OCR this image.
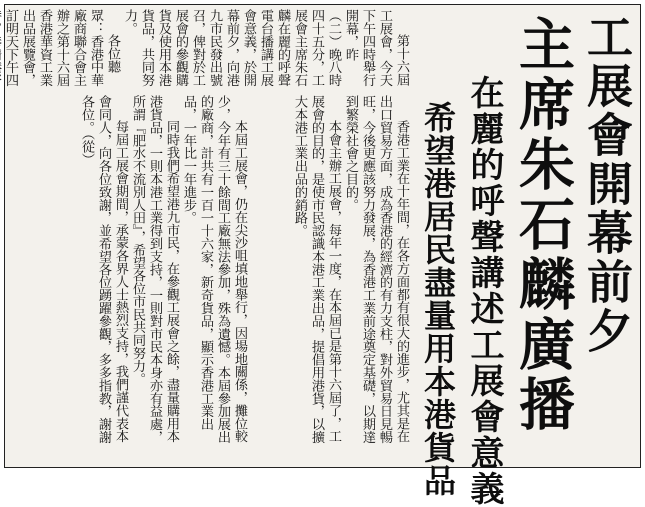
工展會開幕前夕
主席朱石麟廣播
在麗的呼聲講述工展會意義
希望港居民盡量用本港貨品

第十六屆工展會，今天下午四時舉行開幕，昨（二）晚八時四十五分，工展會主席朱石麟在麗的呼聲電台播講工展會意義，於開幕前夕，向港九市民發出號召，俾對於工展會的參觀購貨及使用本港貨品，共同努力。

各位聽眾：香港中華廠商聯合會主辦之第十六屆香港華資工業出品展覽會，訂明天下午四

香港工業在十年間，在各方面都有很大的進步，尤其是在出口貿易方面，成為香港的經濟的有力支柱，對外貿易日見暢旺，今後更應該努力發展，為香港工業前途奠定基礎，以期達到繁榮社會之目的。

本會主辦工展會，每年一度，在本屆已是第十六屆了，工展會的目的，是使市民認識本港工業出品，提倡用港貨，以擴大本港工業出品的銷路。

本屆工展會，仍在尖沙咀填地舉行，因場地關係，攤位較少，今年有三十餘間工廠無法參加，殊為遺憾。本屆參加展出的廠商，計共有一百一十六家，新奇貨品，顯示香港工業出品，一年比一年進步。

同時我們希望港九市民，在參觀工展會之餘，盡量購用本港貨品，一則本港工業得到支持，一則對市民本身亦有益處，所謂『肥水不流別人田』，希望各位市民共同努力。

每屆工展會期間，承蒙各界人士熱烈支持，我們謹代表本會同人，向各位致謝，並希望各位踴躍參觀，多多指教，謝謝各位。（從）
